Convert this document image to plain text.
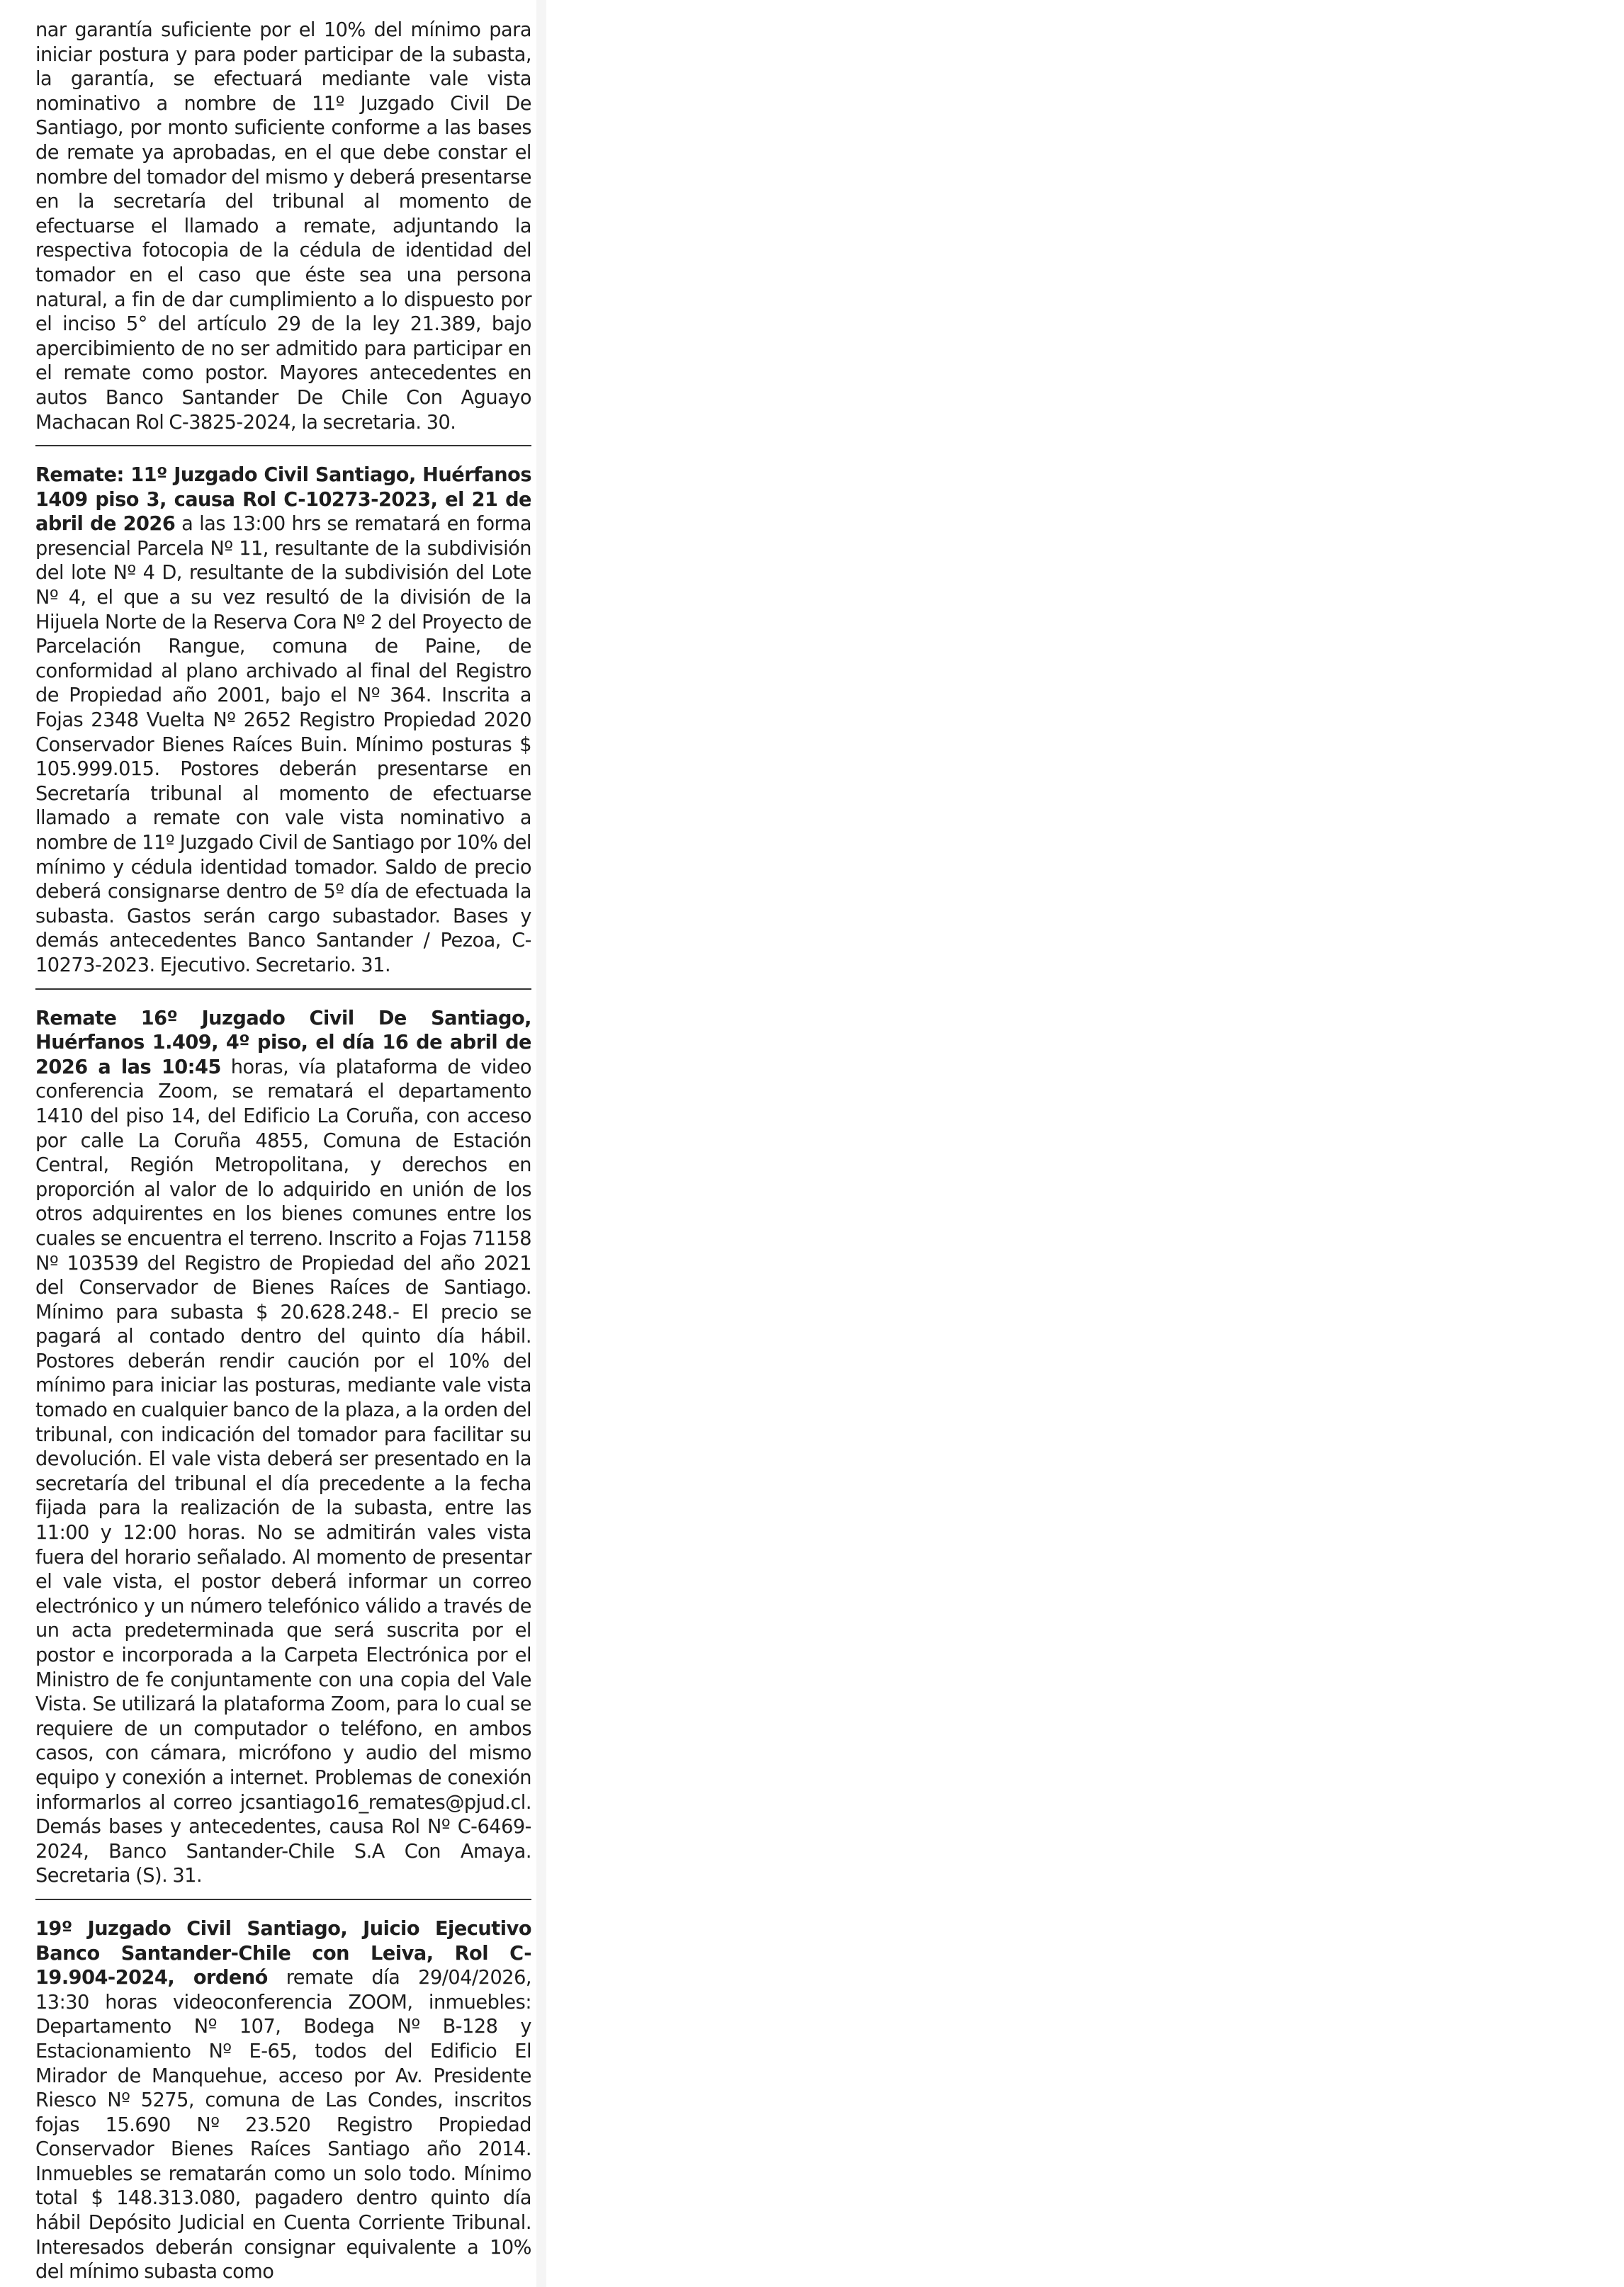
nar garantía suficiente por el 10% del mínimo para iniciar postura y para poder participar de la subasta, la garantía, se efectuará mediante vale vista nominativo a nombre de 11º Juzgado Civil De Santiago, por monto suficiente conforme a las bases de remate ya aprobadas, en el que debe constar el nombre del tomador del mismo y deberá presentarse en la secretaría del tribunal al momento de efectuarse el llamado a remate, adjuntando la respectiva fotocopia de la cédula de identidad del tomador en el caso que éste sea una persona natural, a fin de dar cumplimiento a lo dispuesto por el inciso 5° del artículo 29 de la ley 21.389, bajo apercibimiento de no ser admitido para participar en el remate como postor. Mayores antecedentes en autos Banco Santander De Chile Con Aguayo Machacan Rol C-3825-2024, la secretaria. 30.

Remate: 11º Juzgado Civil Santiago, Huérfanos 1409 piso 3, causa Rol C-10273-2023, el 21 de abril de 2026 a las 13:00 hrs se rematará en forma presencial Parcela Nº 11, resultante de la subdivisión del lote Nº 4 D, resultante de la subdivisión del Lote Nº 4, el que a su vez resultó de la división de la Hijuela Norte de la Reserva Cora Nº 2 del Proyecto de Parcelación Rangue, comuna de Paine, de conformidad al plano archivado al final del Registro de Propiedad año 2001, bajo el Nº 364. Inscrita a Fojas 2348 Vuelta Nº 2652 Registro Propiedad 2020 Conservador Bienes Raíces Buin. Mínimo posturas $ 105.999.015. Postores deberán presentarse en Secretaría tribunal al momento de efectuarse llamado a remate con vale vista nominativo a nombre de 11º Juzgado Civil de Santiago por 10% del mínimo y cédula identidad tomador. Saldo de precio deberá consignarse dentro de 5º día de efectuada la subasta. Gastos serán cargo subastador. Bases y demás antecedentes Banco Santander / Pezoa, C-10273-2023. Ejecutivo. Secretario. 31.

Remate 16º Juzgado Civil De Santiago, Huérfanos 1.409, 4º piso, el día 16 de abril de 2026 a las 10:45 horas, vía plataforma de video conferencia Zoom, se rematará el departamento 1410 del piso 14, del Edificio La Coruña, con acceso por calle La Coruña 4855, Comuna de Estación Central, Región Metropolitana, y derechos en proporción al valor de lo adquirido en unión de los otros adquirentes en los bienes comunes entre los cuales se encuentra el terreno. Inscrito a Fojas 71158 Nº 103539 del Registro de Propiedad del año 2021 del Conservador de Bienes Raíces de Santiago. Mínimo para subasta $ 20.628.248.- El precio se pagará al contado dentro del quinto día hábil. Postores deberán rendir caución por el 10% del mínimo para iniciar las posturas, mediante vale vista tomado en cualquier banco de la plaza, a la orden del tribunal, con indicación del tomador para facilitar su devolución. El vale vista deberá ser presentado en la secretaría del tribunal el día precedente a la fecha fijada para la realización de la subasta, entre las 11:00 y 12:00 horas. No se admitirán vales vista fuera del horario señalado. Al momento de presentar el vale vista, el postor deberá informar un correo electrónico y un número telefónico válido a través de un acta predeterminada que será suscrita por el postor e incorporada a la Carpeta Electrónica por el Ministro de fe conjuntamente con una copia del Vale Vista. Se utilizará la plataforma Zoom, para lo cual se requiere de un computador o teléfono, en ambos casos, con cámara, micrófono y audio del mismo equipo y conexión a internet. Problemas de conexión informarlos al correo jcsantiago16_remates@pjud.cl. Demás bases y antecedentes, causa Rol Nº C-6469-2024, Banco Santander-Chile S.A Con Amaya. Secretaria (S). 31.

19º Juzgado Civil Santiago, Juicio Ejecutivo Banco Santander-Chile con Leiva, Rol C-19.904-2024, ordenó remate día 29/04/2026, 13:30 horas videoconferencia ZOOM, inmuebles: Departamento Nº 107, Bodega Nº B-128 y Estacionamiento Nº E-65, todos del Edificio El Mirador de Manquehue, acceso por Av. Presidente Riesco Nº 5275, comuna de Las Condes, inscritos fojas 15.690 Nº 23.520 Registro Propiedad Conservador Bienes Raíces Santiago año 2014. Inmuebles se rematarán como un solo todo. Mínimo total $ 148.313.080, pagadero dentro quinto día hábil Depósito Judicial en Cuenta Corriente Tribunal. Interesados deberán consignar equivalente a 10% del mínimo subasta como
